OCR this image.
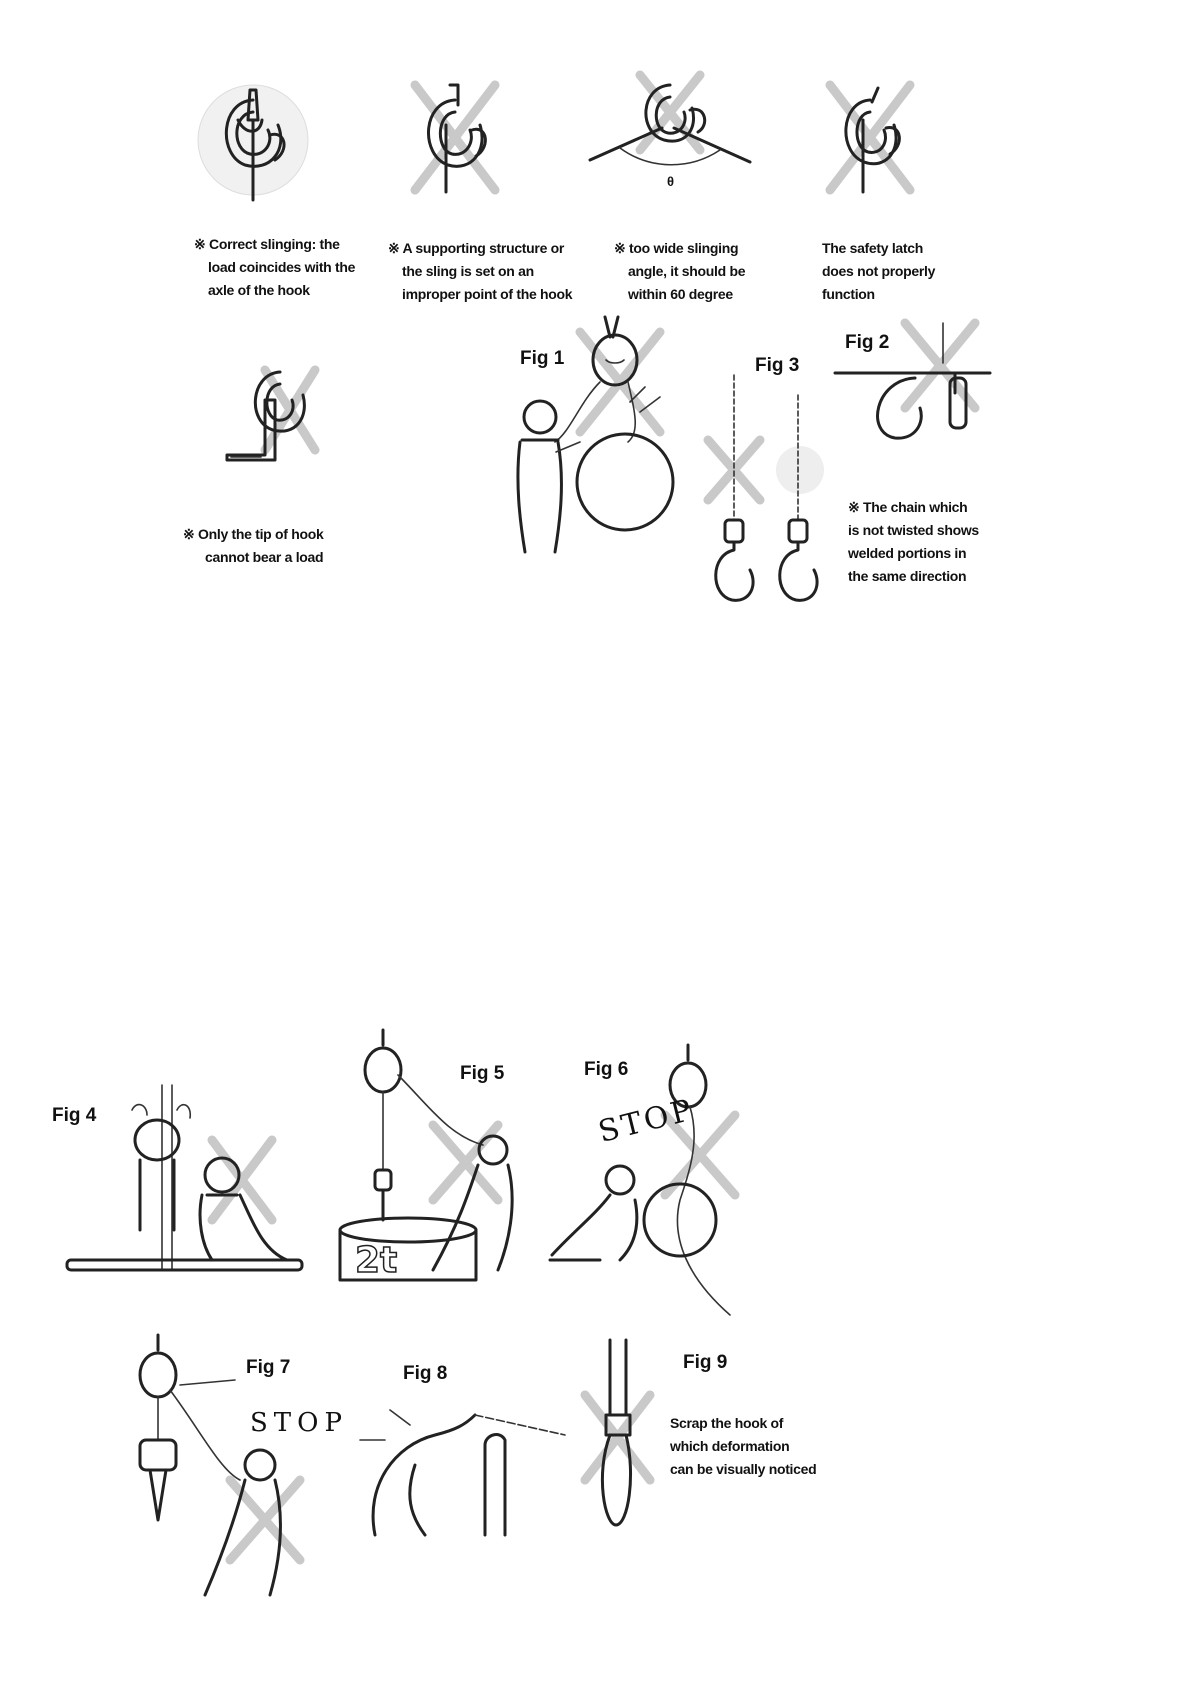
θ
※ Correct slinging: the
load coincides with the
axle of the hook
※ A supporting structure or
the sling is set on an
improper point of the hook
※ too wide slinging
angle, it should be
within 60 degree
The safety latch
does not properly
function
※ Only the tip of hook
cannot bear a load
Fig 1	Fig 3
Fig 2
※ The chain which
is not twisted shows
welded portions in
the same direction
Fig 4
Fig 5
2t
Fig 6
STOP
Fig 7
STOP
Fig 8
Fig 9
Scrap the hook of
which deformation
can be visually noticed
